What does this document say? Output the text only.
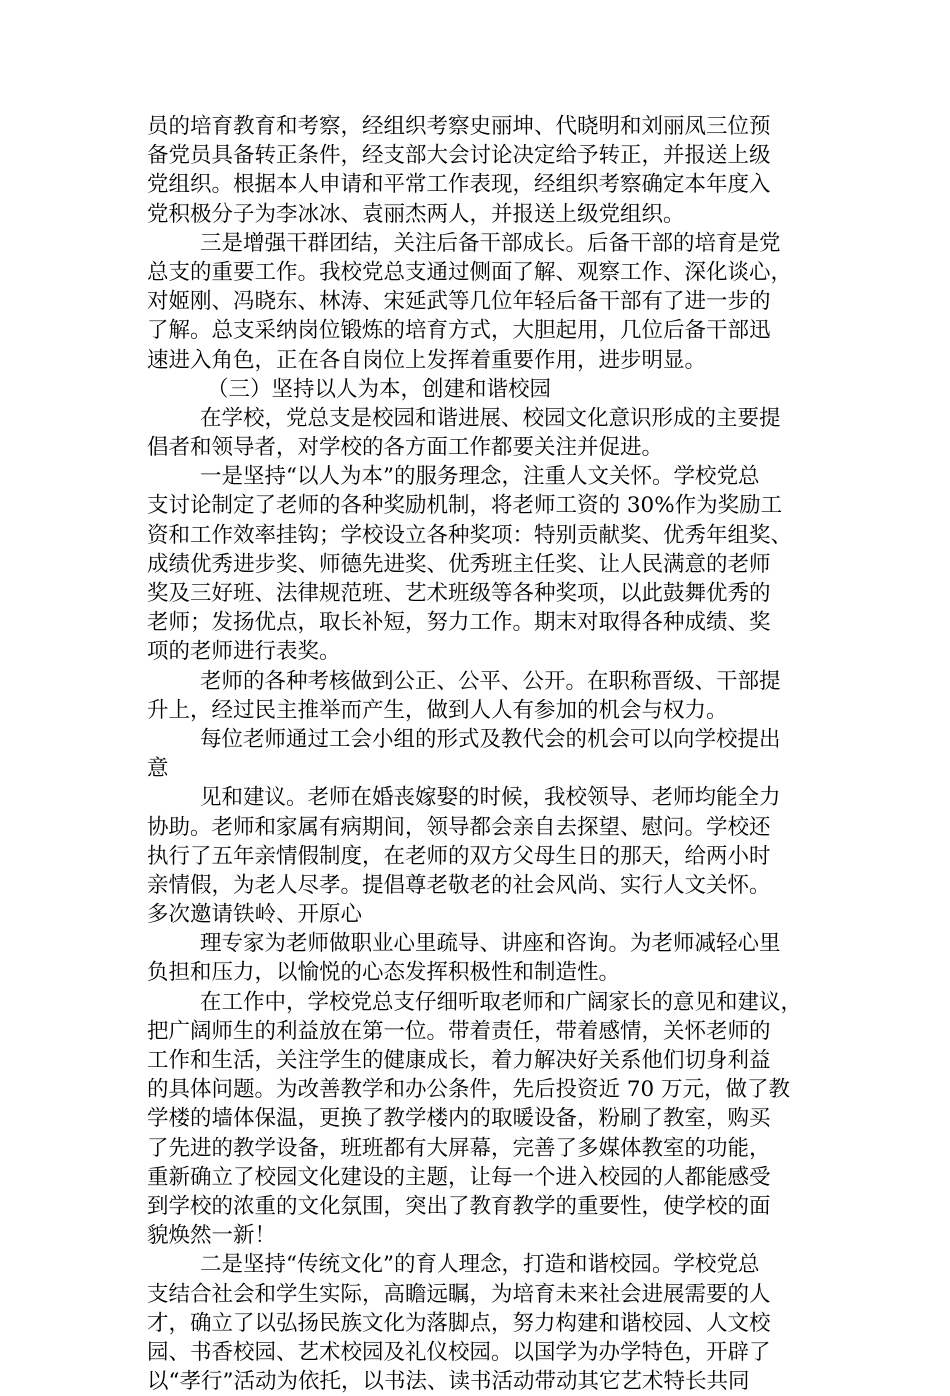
员的培育教育和考察，经组织考察史丽坤、代晓明和刘丽凤三位预
备党员具备转正条件，经支部大会讨论决定给予转正，并报送上级
党组织。根据本人申请和平常工作表现，经组织考察确定本年度入
党积极分子为李冰冰、袁丽杰两人，并报送上级党组织。
三是增强干群团结，关注后备干部成长。后备干部的培育是党
总支的重要工作。我校党总支通过侧面了解、观察工作、深化谈心，
对姬刚、冯晓东、林涛、宋延武等几位年轻后备干部有了进一步的
了解。总支采纳岗位锻炼的培育方式，大胆起用，几位后备干部迅
速进入角色，正在各自岗位上发挥着重要作用，进步明显。
（三）坚持以人为本，创建和谐校园
在学校，党总支是校园和谐进展、校园文化意识形成的主要提
倡者和领导者，对学校的各方面工作都要关注并促进。
一是坚持“以人为本”的服务理念，注重人文关怀。学校党总
支讨论制定了老师的各种奖励机制，将老师工资的 30%作为奖励工
资和工作效率挂钩；学校设立各种奖项：特别贡献奖、优秀年组奖、
成绩优秀进步奖、师德先进奖、优秀班主任奖、让人民满意的老师
奖及三好班、法律规范班、艺术班级等各种奖项，以此鼓舞优秀的
老师；发扬优点，取长补短，努力工作。期末对取得各种成绩、奖
项的老师进行表奖。
老师的各种考核做到公正、公平、公开。在职称晋级、干部提
升上，经过民主推举而产生，做到人人有参加的机会与权力。
每位老师通过工会小组的形式及教代会的机会可以向学校提出
意
见和建议。老师在婚丧嫁娶的时候，我校领导、老师均能全力
协助。老师和家属有病期间，领导都会亲自去探望、慰问。学校还
执行了五年亲情假制度，在老师的双方父母生日的那天，给两小时
亲情假，为老人尽孝。提倡尊老敬老的社会风尚、实行人文关怀。
多次邀请铁岭、开原心
理专家为老师做职业心里疏导、讲座和咨询。为老师减轻心里
负担和压力，以愉悦的心态发挥积极性和制造性。
在工作中，学校党总支仔细听取老师和广阔家长的意见和建议，
把广阔师生的利益放在第一位。带着责任，带着感情，关怀老师的
工作和生活，关注学生的健康成长，着力解决好关系他们切身利益
的具体问题。为改善教学和办公条件，先后投资近 70 万元，做了教
学楼的墙体保温，更换了教学楼内的取暖设备，粉刷了教室，购买
了先进的教学设备，班班都有大屏幕，完善了多媒体教室的功能，
重新确立了校园文化建设的主题，让每一个进入校园的人都能感受
到学校的浓重的文化氛围，突出了教育教学的重要性，使学校的面
貌焕然一新！
二是坚持“传统文化”的育人理念，打造和谐校园。学校党总
支结合社会和学生实际，高瞻远瞩，为培育未来社会进展需要的人
才，确立了以弘扬民族文化为落脚点，努力构建和谐校园、人文校
园、书香校园、艺术校园及礼仪校园。以国学为办学特色，开辟了
以“孝行”活动为依托，以书法、读书活动带动其它艺术特长共同
